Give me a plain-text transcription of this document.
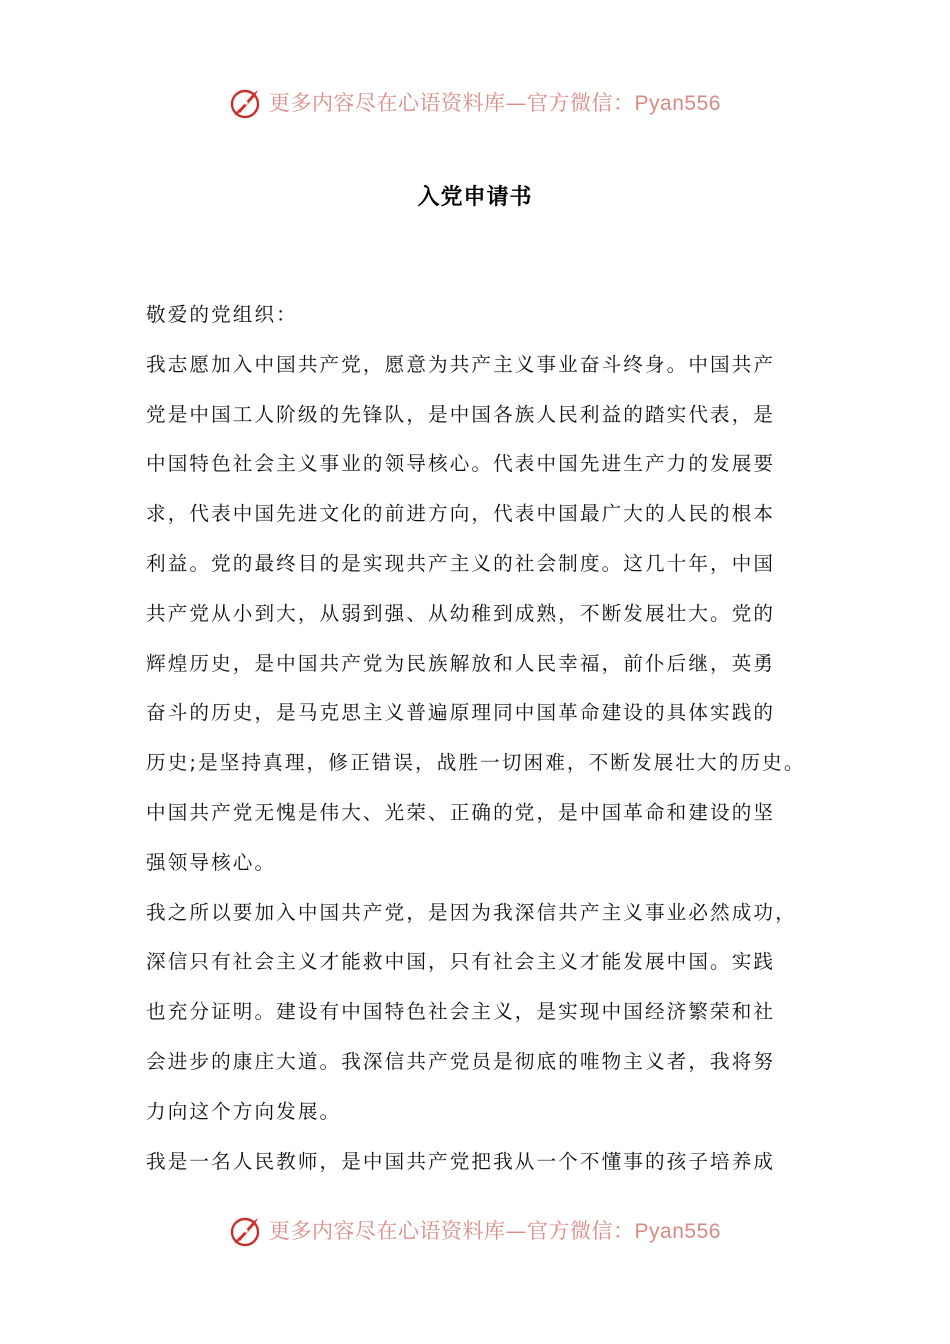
更多内容尽在心语资料库—官方微信：Pyan556
入党申请书
敬爱的党组织：
我志愿加入中国共产党，愿意为共产主义事业奋斗终身。中国共产
党是中国工人阶级的先锋队，是中国各族人民利益的踏实代表，是
中国特色社会主义事业的领导核心。代表中国先进生产力的发展要
求，代表中国先进文化的前进方向，代表中国最广大的人民的根本
利益。党的最终目的是实现共产主义的社会制度。这几十年，中国
共产党从小到大，从弱到强、从幼稚到成熟，不断发展壮大。党的
辉煌历史，是中国共产党为民族解放和人民幸福，前仆后继，英勇
奋斗的历史，是马克思主义普遍原理同中国革命建设的具体实践的
历史;是坚持真理，修正错误，战胜一切困难，不断发展壮大的历史。
中国共产党无愧是伟大、光荣、正确的党，是中国革命和建设的坚
强领导核心。
我之所以要加入中国共产党，是因为我深信共产主义事业必然成功，
深信只有社会主义才能救中国，只有社会主义才能发展中国。实践
也充分证明。建设有中国特色社会主义，是实现中国经济繁荣和社
会进步的康庄大道。我深信共产党员是彻底的唯物主义者，我将努
力向这个方向发展。
我是一名人民教师，是中国共产党把我从一个不懂事的孩子培养成
更多内容尽在心语资料库—官方微信：Pyan556
